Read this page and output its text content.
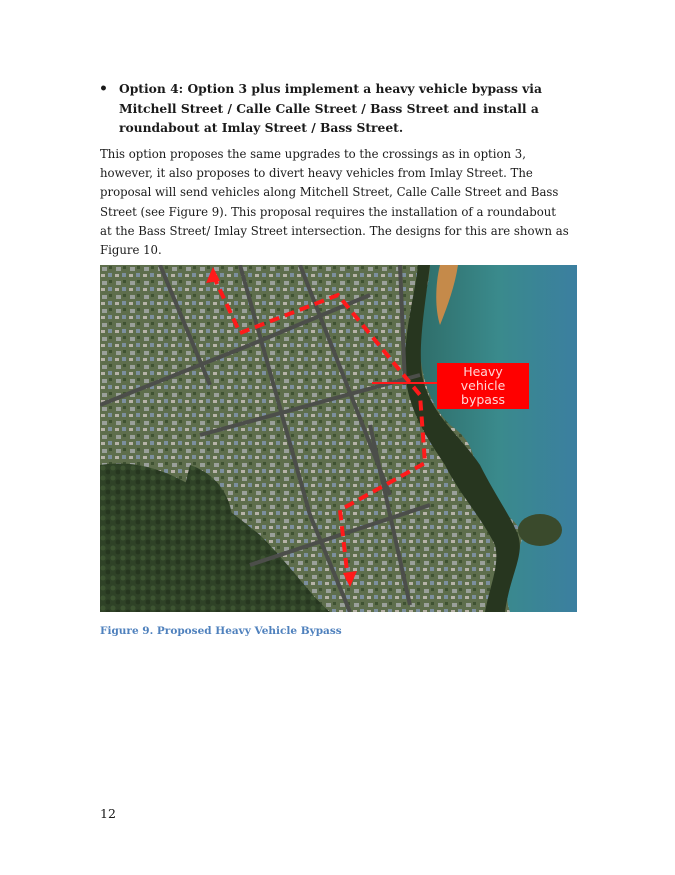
• Option 4: Option 3 plus implement a heavy vehicle bypass via Mitchell Street / Calle Calle Street / Bass Street and install a roundabout at Imlay Street / Bass Street.
This option proposes the same upgrades to the crossings as in option 3, however, it also proposes to divert heavy vehicles from Imlay Street. The proposal will send vehicles along Mitchell Street, Calle Calle Street and Bass Street (see Figure 9). This proposal requires the installation of a roundabout at the Bass Street/ Imlay Street intersection. The designs for this are shown as Figure 10.
Heavy
vehicle
bypass
Figure 9. Proposed Heavy Vehicle Bypass
12
